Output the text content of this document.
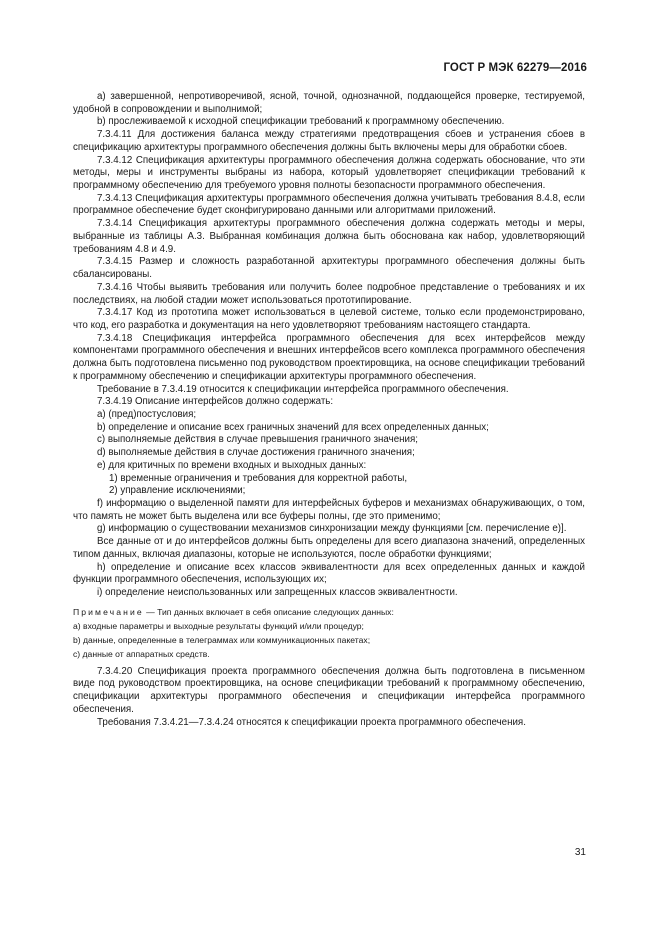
ГОСТ Р МЭК 62279—2016

а) завершенной, непротиворечивой, ясной, точной, однозначной, поддающейся проверке, тестируемой, удобной в сопровождении и выполнимой;

b) прослеживаемой к исходной спецификации требований к программному обеспечению.

7.3.4.11 Для достижения баланса между стратегиями предотвращения сбоев и устранения сбоев в спецификацию архитектуры программного обеспечения должны быть включены меры для обработки сбоев.

7.3.4.12 Спецификация архитектуры программного обеспечения должна содержать обоснование, что эти методы, меры и инструменты выбраны из набора, который удовлетворяет спецификации требований к программному обеспечению для требуемого уровня полноты безопасности программного обеспечения.

7.3.4.13 Спецификация архитектуры программного обеспечения должна учитывать требования 8.4.8, если программное обеспечение будет сконфигурировано данными или алгоритмами приложений.

7.3.4.14 Спецификация архитектуры программного обеспечения должна содержать методы и меры, выбранные из таблицы А.3. Выбранная комбинация должна быть обоснована как набор, удовлетворяющий требованиям 4.8 и 4.9.

7.3.4.15 Размер и сложность разработанной архитектуры программного обеспечения должны быть сбалансированы.

7.3.4.16 Чтобы выявить требования или получить более подробное представление о требованиях и их последствиях, на любой стадии может использоваться прототипирование.

7.3.4.17 Код из прототипа может использоваться в целевой системе, только если продемонстрировано, что код, его разработка и документация на него удовлетворяют требованиям настоящего стандарта.

7.3.4.18 Спецификация интерфейса программного обеспечения для всех интерфейсов между компонентами программного обеспечения и внешних интерфейсов всего комплекса программного обеспечения должна быть подготовлена письменно под руководством проектировщика, на основе спецификации требований к программному обеспечению и спецификации архитектуры программного обеспечения.

Требование в 7.3.4.19 относится к спецификации интерфейса программного обеспечения.

7.3.4.19 Описание интерфейсов должно содержать:

a) (пред)постусловия;

b) определение и описание всех граничных значений для всех определенных данных;

c) выполняемые действия в случае превышения граничного значения;

d) выполняемые действия в случае достижения граничного значения;

e) для критичных по времени входных и выходных данных:

1) временные ограничения и требования для корректной работы,

2) управление исключениями;

f) информацию о выделенной памяти для интерфейсных буферов и механизмах обнаруживающих, о том, что память не может быть выделена или все буферы полны, где это применимо;

g) информацию о существовании механизмов синхронизации между функциями [см. перечисление е)].

Все данные от и до интерфейсов должны быть определены для всего диапазона значений, определенных типом данных, включая диапазоны, которые не используются, после обработки функциями;

h) определение и описание всех классов эквивалентности для всех определенных данных и каждой функции программного обеспечения, использующих их;

i) определение неиспользованных или запрещенных классов эквивалентности.

Примечание — Тип данных включает в себя описание следующих данных:

a) входные параметры и выходные результаты функций и/или процедур;

b) данные, определенные в телеграммах или коммуникационных пакетах;

c) данные от аппаратных средств.

7.3.4.20 Спецификация проекта программного обеспечения должна быть подготовлена в письменном виде под руководством проектировщика, на основе спецификации требований к программному обеспечению, спецификации архитектуры программного обеспечения и спецификации интерфейса программного обеспечения.

Требования 7.3.4.21—7.3.4.24 относятся к спецификации проекта программного обеспечения.

31
